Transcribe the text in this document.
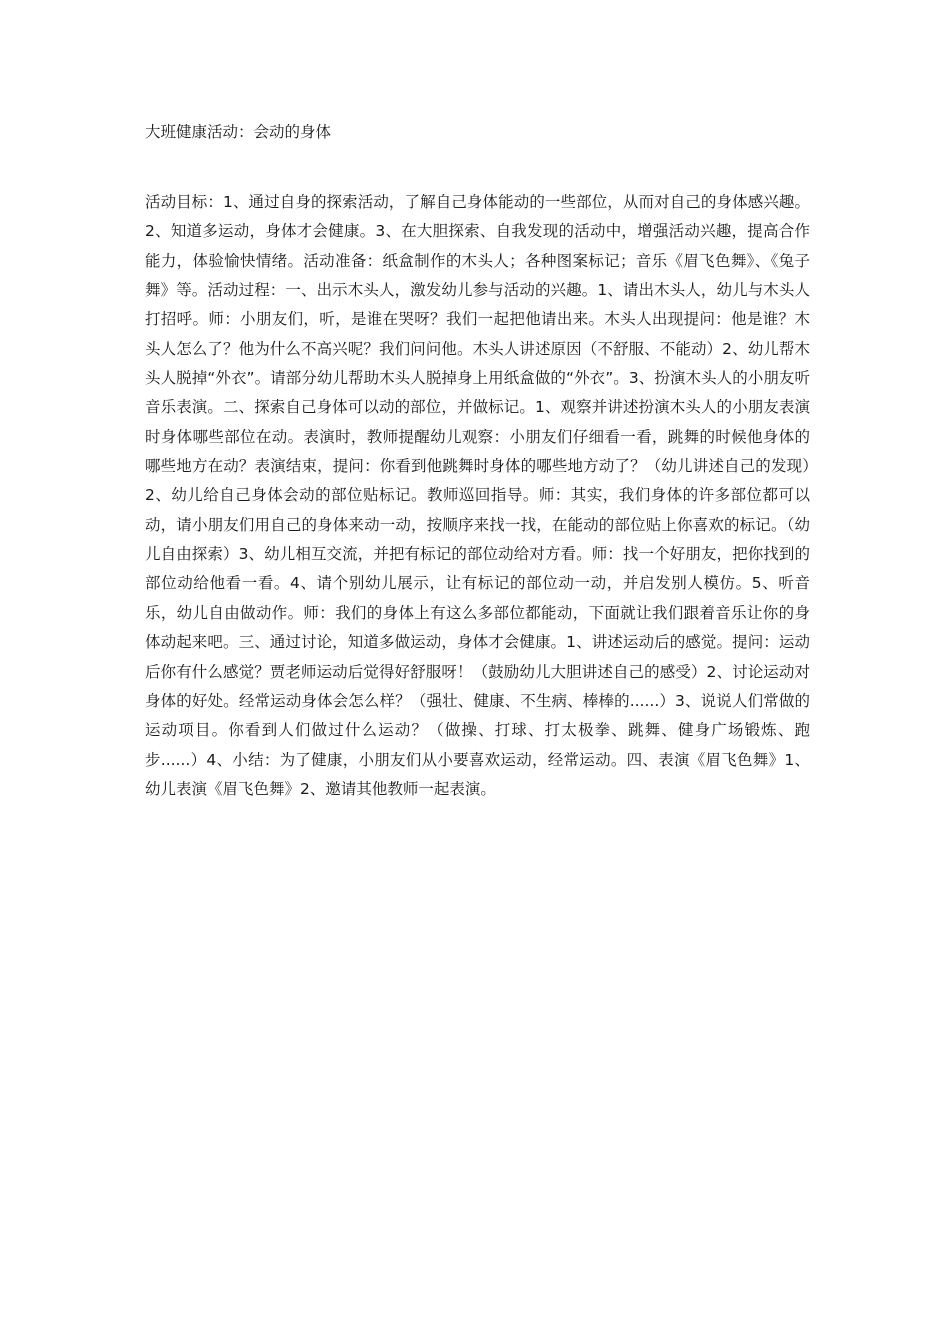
大班健康活动：会动的身体
活动目标：1、通过自身的探索活动，了解自己身体能动的一些部位，从而对自己的身体感兴趣。2、知道多运动，身体才会健康。3、在大胆探索、自我发现的活动中，增强活动兴趣，提高合作能力，体验愉快情绪。活动准备：纸盒制作的木头人；各种图案标记；音乐《眉飞色舞》、《兔子舞》等。活动过程：一、出示木头人，激发幼儿参与活动的兴趣。1、请出木头人，幼儿与木头人打招呼。师：小朋友们，听，是谁在哭呀？我们一起把他请出来。木头人出现提问：他是谁？木头人怎么了？他为什么不高兴呢？我们问问他。木头人讲述原因（不舒服、不能动）2、幼儿帮木头人脱掉“外衣”。请部分幼儿帮助木头人脱掉身上用纸盒做的“外衣”。3、扮演木头人的小朋友听音乐表演。二、探索自己身体可以动的部位，并做标记。1、观察并讲述扮演木头人的小朋友表演时身体哪些部位在动。表演时，教师提醒幼儿观察：小朋友们仔细看一看，跳舞的时候他身体的哪些地方在动？表演结束，提问：你看到他跳舞时身体的哪些地方动了？（幼儿讲述自己的发现）2、幼儿给自己身体会动的部位贴标记。教师巡回指导。师：其实，我们身体的许多部位都可以动，请小朋友们用自己的身体来动一动，按顺序来找一找，在能动的部位贴上你喜欢的标记。（幼儿自由探索）3、幼儿相互交流，并把有标记的部位动给对方看。师：找一个好朋友，把你找到的部位动给他看一看。4、请个别幼儿展示，让有标记的部位动一动，并启发别人模仿。5、听音乐，幼儿自由做动作。师：我们的身体上有这么多部位都能动，下面就让我们跟着音乐让你的身体动起来吧。三、通过讨论，知道多做运动，身体才会健康。1、讲述运动后的感觉。提问：运动后你有什么感觉？贾老师运动后觉得好舒服呀！（鼓励幼儿大胆讲述自己的感受）2、讨论运动对身体的好处。经常运动身体会怎么样？（强壮、健康、不生病、棒棒的......）3、说说人们常做的运动项目。你看到人们做过什么运动？（做操、打球、打太极拳、跳舞、健身广场锻炼、跑步......）4、小结：为了健康，小朋友们从小要喜欢运动，经常运动。四、表演《眉飞色舞》1、幼儿表演《眉飞色舞》2、邀请其他教师一起表演。
